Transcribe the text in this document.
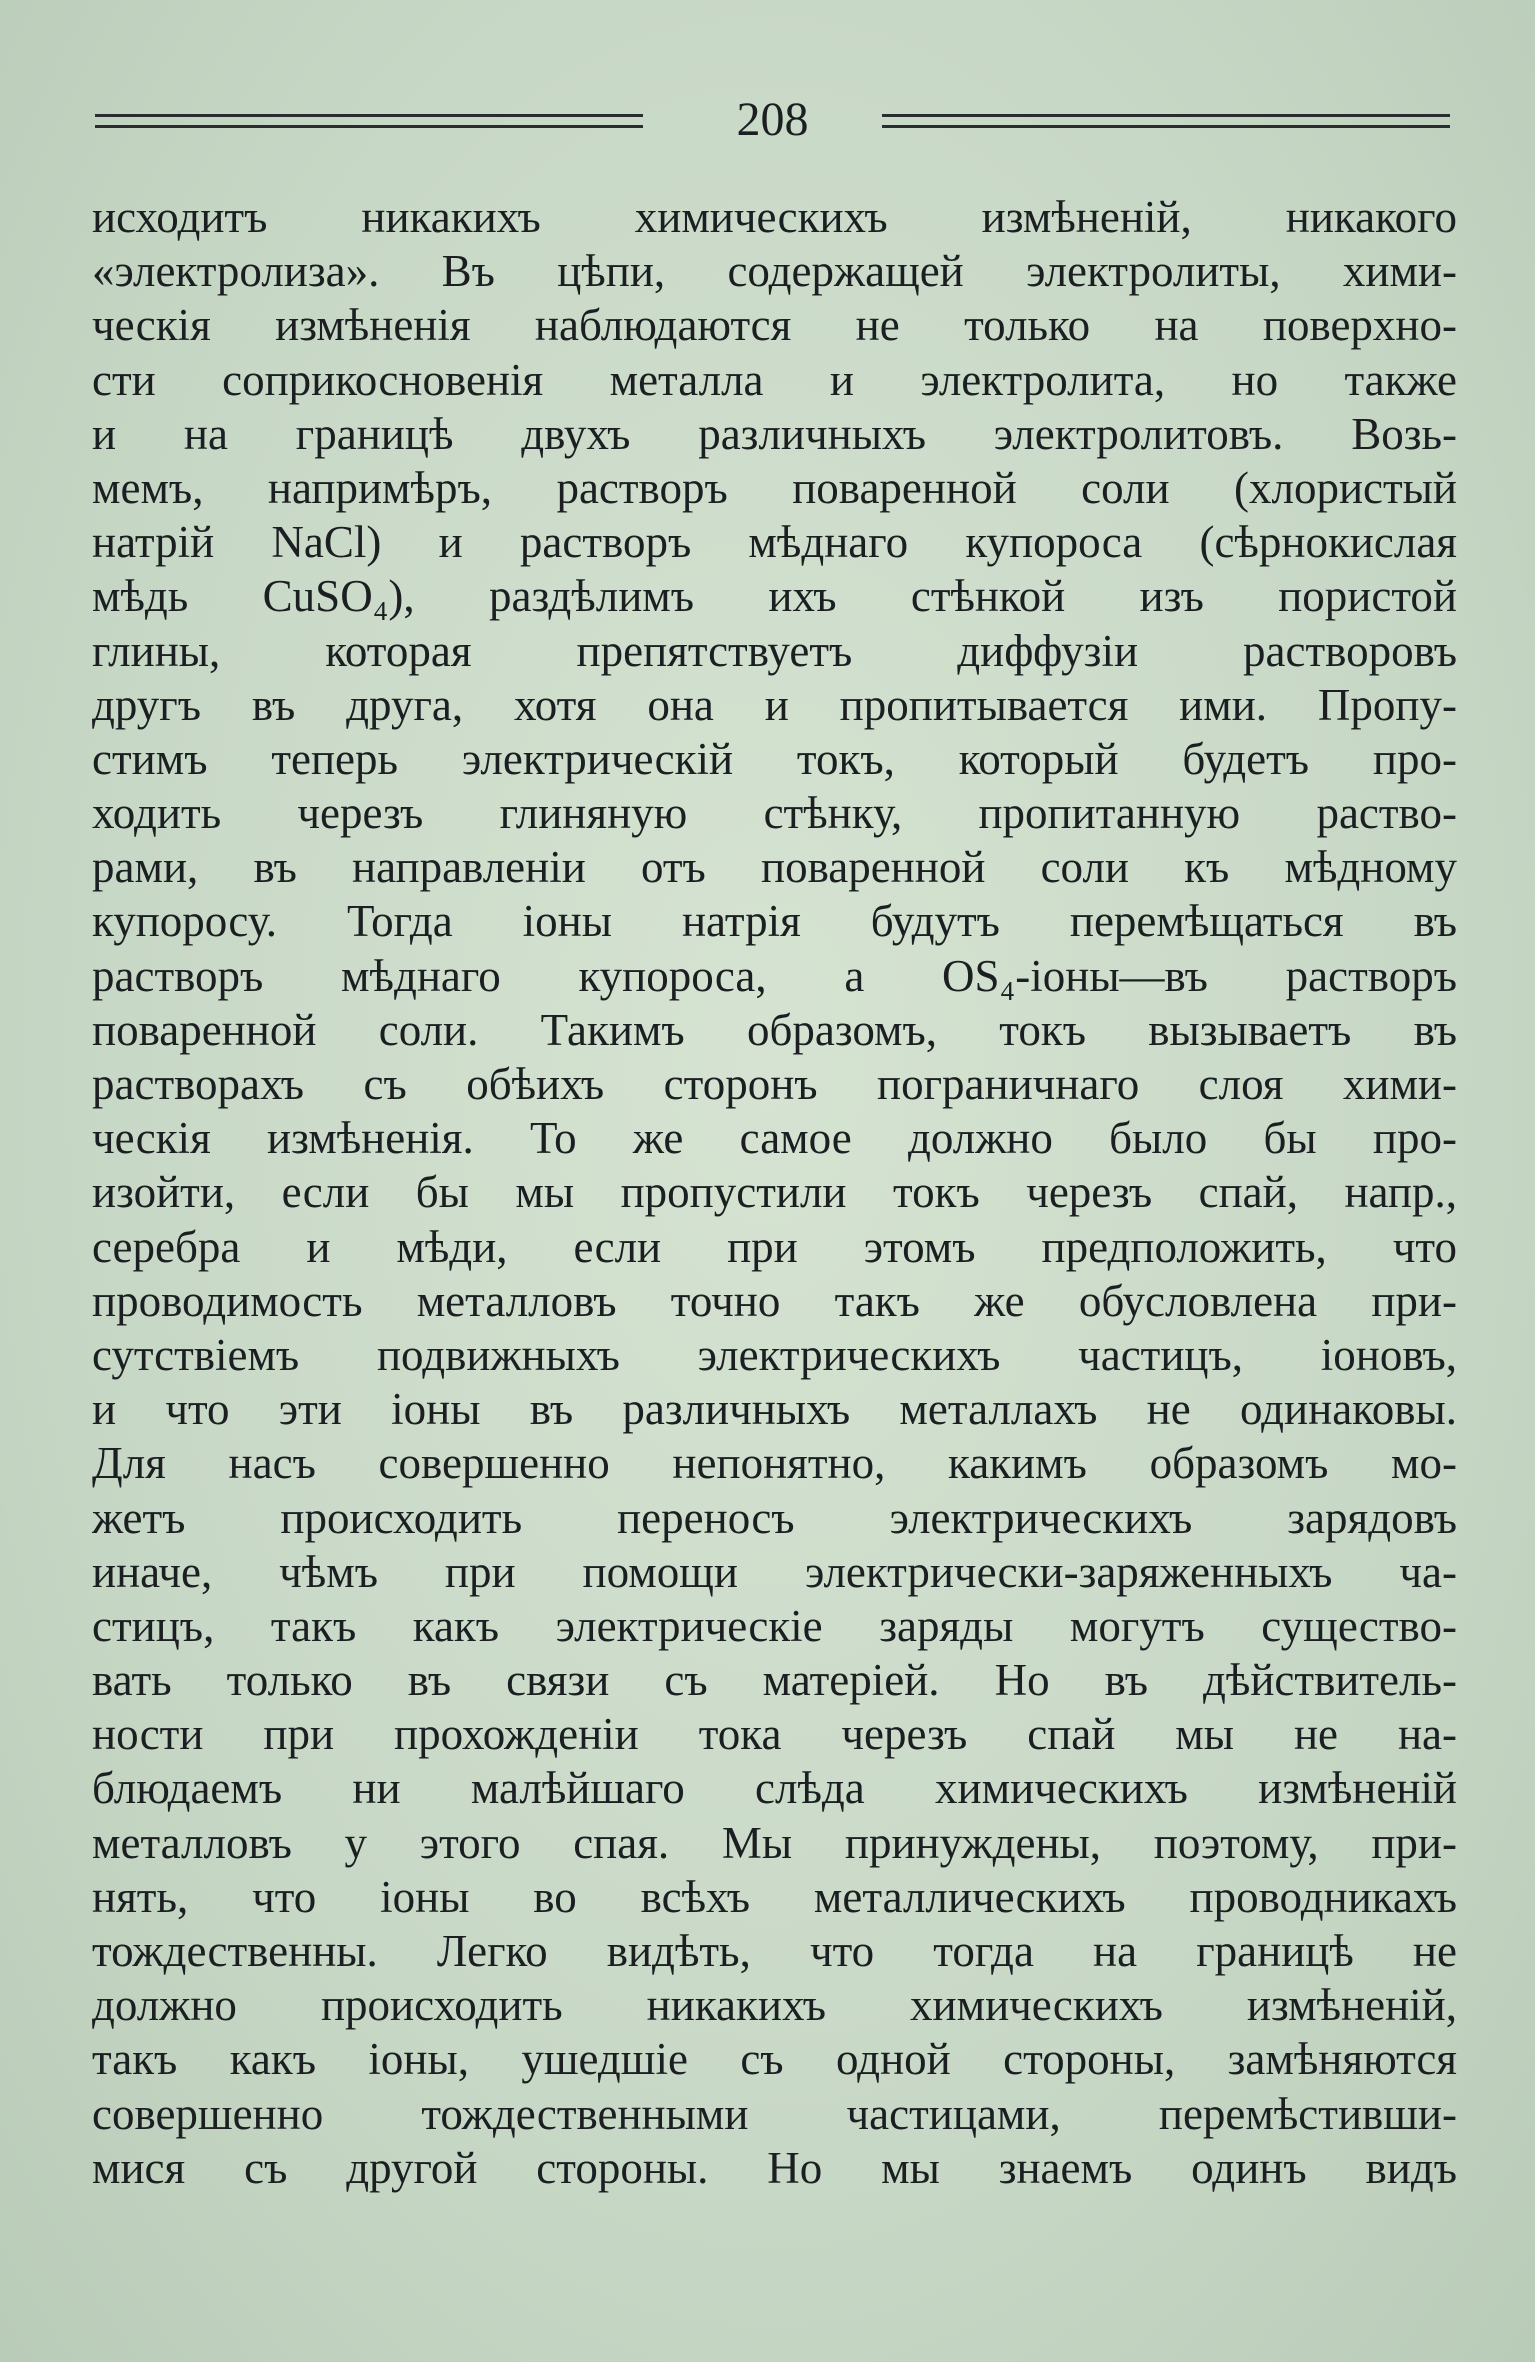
208
исходитъ никакихъ химическихъ измѣненій, никакого
«электролиза». Въ цѣпи, содержащей электролиты, хими-
ческія измѣненія наблюдаются не только на поверхно-
сти соприкосновенія металла и электролита, но также
и на границѣ двухъ различныхъ электролитовъ. Возь-
мемъ, напримѣръ, растворъ поваренной соли (хлористый
натрій NaCl) и растворъ мѣднаго купороса (сѣрнокислая
мѣдь CuSO₄), раздѣлимъ ихъ стѣнкой изъ пористой
глины, которая препятствуетъ диффузіи растворовъ
другъ въ друга, хотя она и пропитывается ими. Пропу-
стимъ теперь электрическій токъ, который будетъ про-
ходить черезъ глиняную стѣнку, пропитанную раство-
рами, въ направленіи отъ поваренной соли къ мѣдному
купоросу. Тогда іоны натрія будутъ перемѣщаться въ
растворъ мѣднаго купороса, а OS₄-іоны—въ растворъ
поваренной соли. Такимъ образомъ, токъ вызываетъ въ
растворахъ съ обѣихъ сторонъ пограничнаго слоя хими-
ческія измѣненія. То же самое должно было бы про-
изойти, если бы мы пропустили токъ черезъ спай, напр.,
серебра и мѣди, если при этомъ предположить, что
проводимость металловъ точно такъ же обусловлена при-
сутствіемъ подвижныхъ электрическихъ частицъ, іоновъ,
и что эти іоны въ различныхъ металлахъ не одинаковы.
Для насъ совершенно непонятно, какимъ образомъ мо-
жетъ происходить переносъ электрическихъ зарядовъ
иначе, чѣмъ при помощи электрически-заряженныхъ ча-
стицъ, такъ какъ электрическіе заряды могутъ существо-
вать только въ связи съ матеріей. Но въ дѣйствитель-
ности при прохожденіи тока черезъ спай мы не на-
блюдаемъ ни малѣйшаго слѣда химическихъ измѣненій
металловъ у этого спая. Мы принуждены, поэтому, при-
нять, что іоны во всѣхъ металлическихъ проводникахъ
тождественны. Легко видѣть, что тогда на границѣ не
должно происходить никакихъ химическихъ измѣненій,
такъ какъ іоны, ушедшіе съ одной стороны, замѣняются
совершенно тождественными частицами, перемѣстивши-
мися съ другой стороны. Но мы знаемъ одинъ видъ
